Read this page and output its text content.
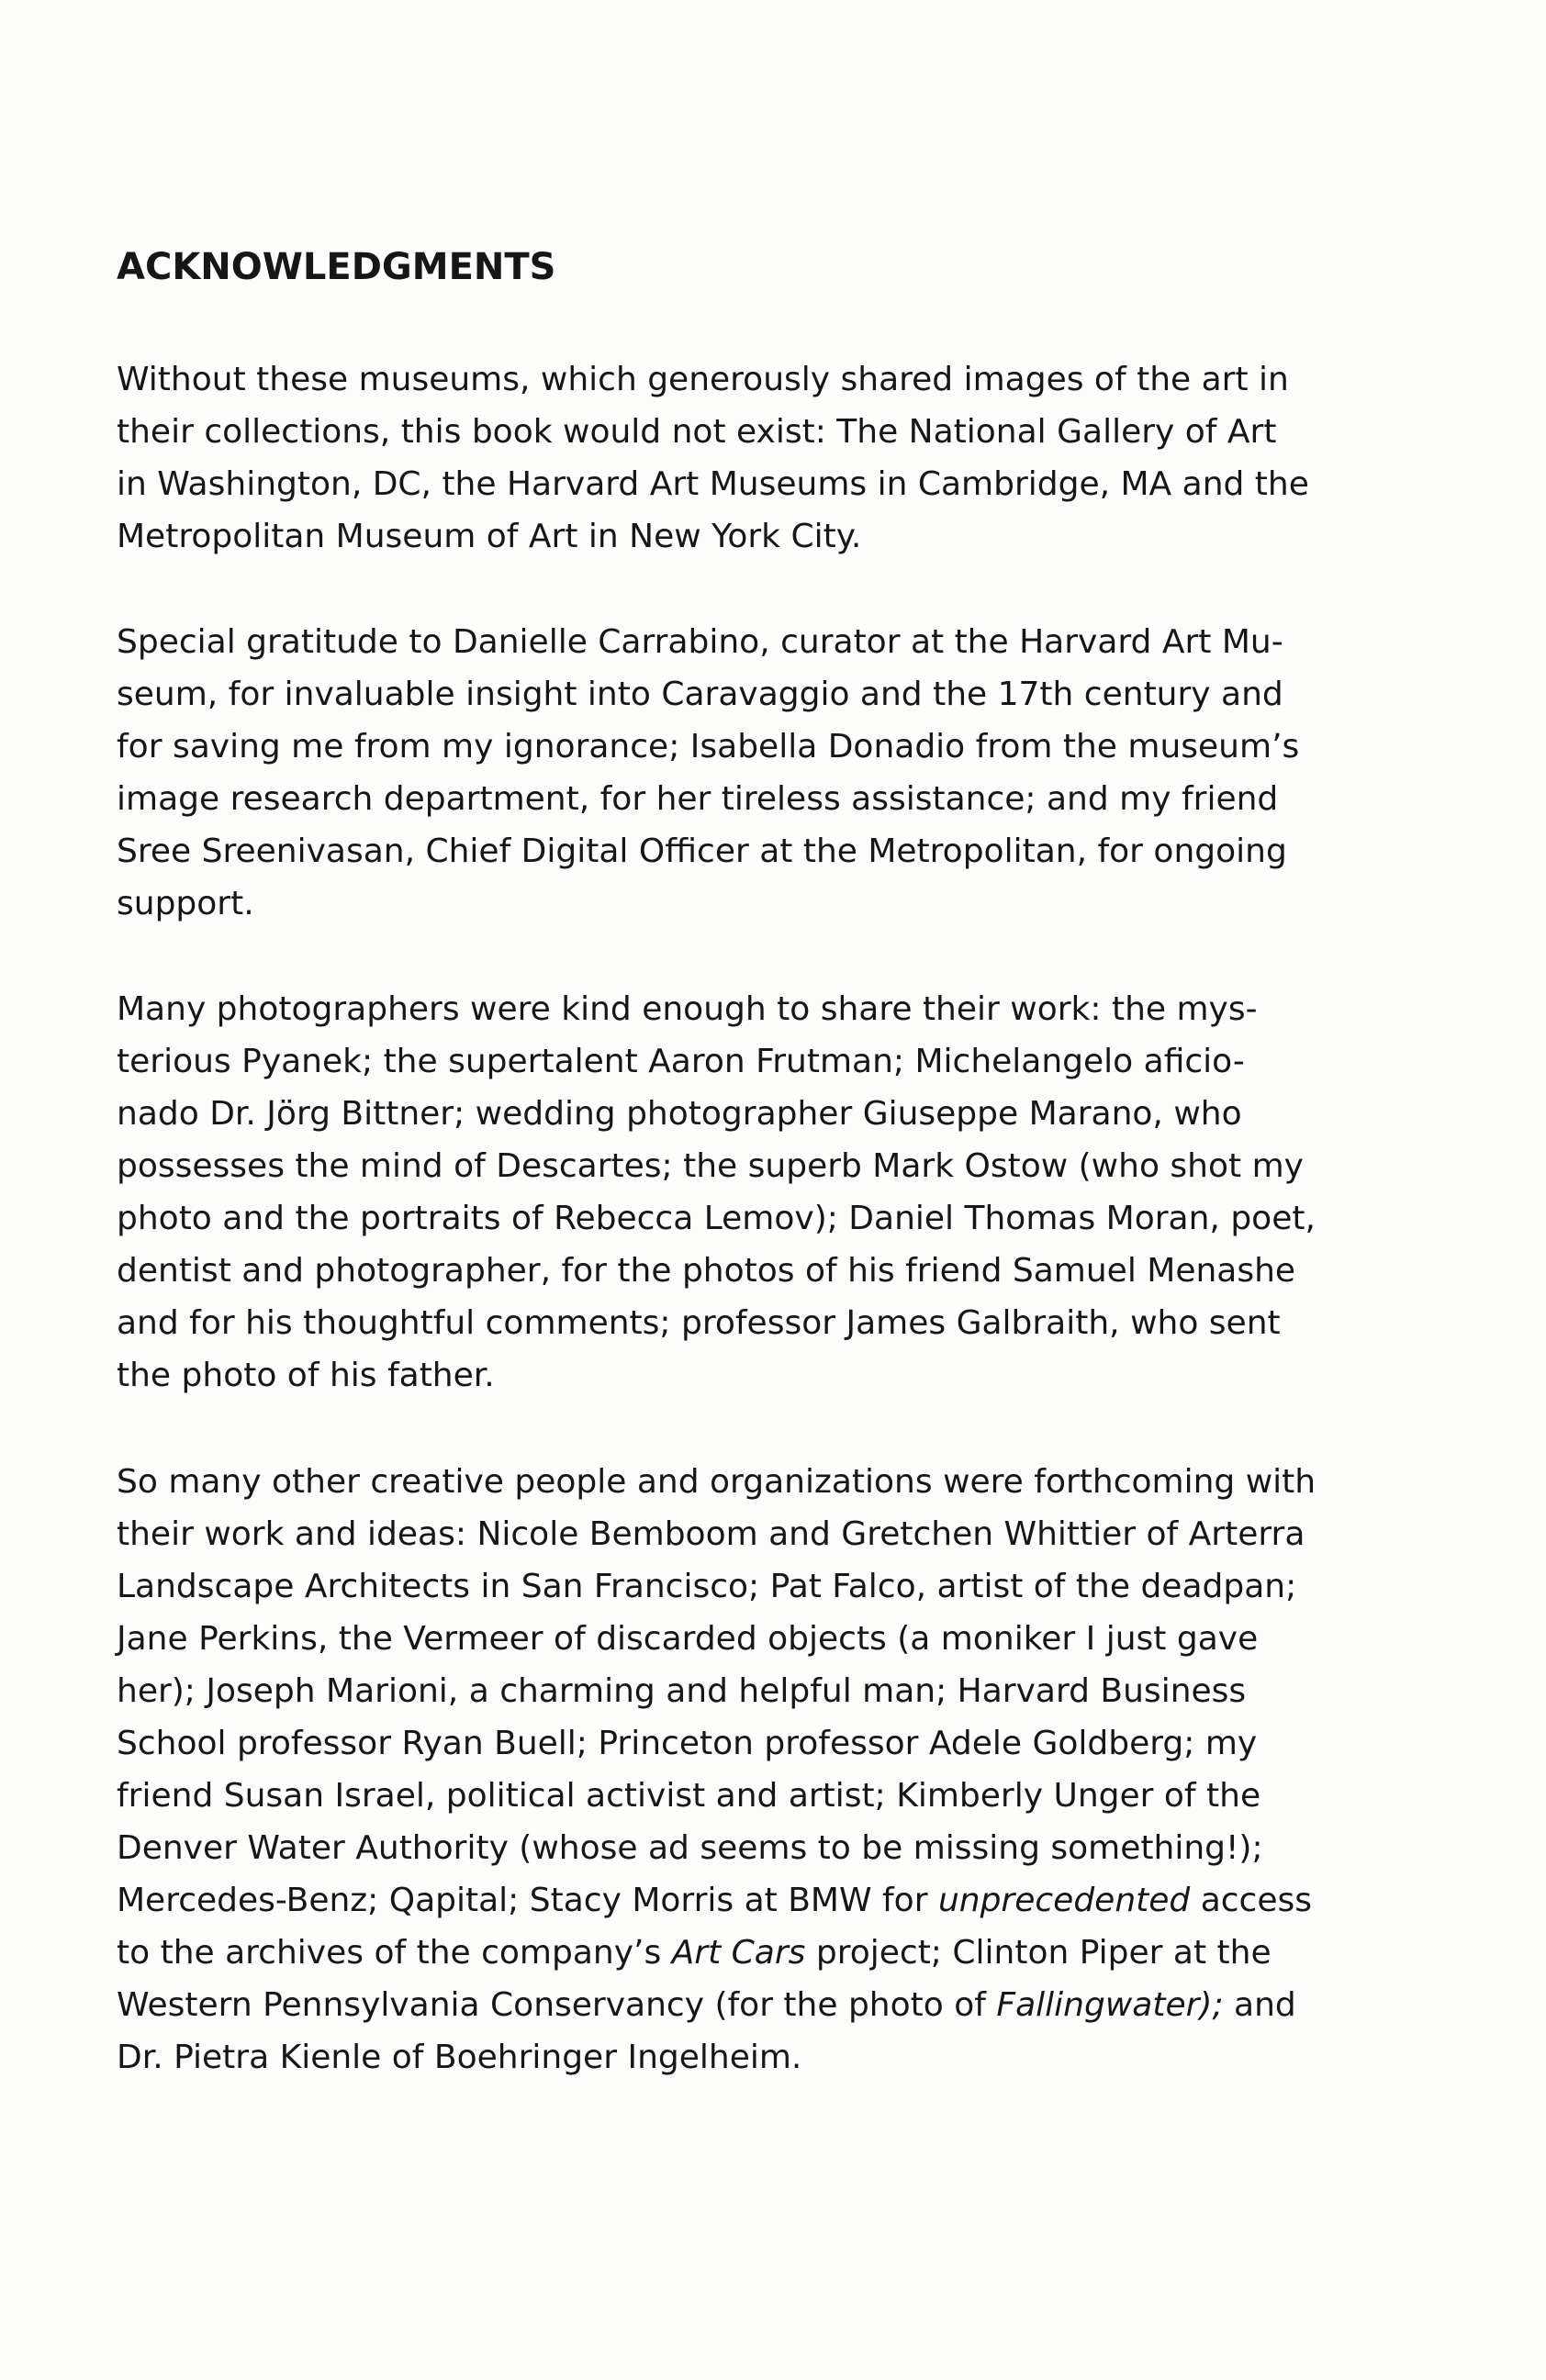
ACKNOWLEDGMENTS
Without these museums, which generously shared images of the art in
their collections, this book would not exist: The National Gallery of Art
in Washington, DC, the Harvard Art Museums in Cambridge, MA and the
Metropolitan Museum of Art in New York City.
Special gratitude to Danielle Carrabino, curator at the Harvard Art Mu-
seum, for invaluable insight into Caravaggio and the 17th century and
for saving me from my ignorance; Isabella Donadio from the museum’s
image research department, for her tireless assistance; and my friend
Sree Sreenivasan, Chief Digital Officer at the Metropolitan, for ongoing
support.
Many photographers were kind enough to share their work: the mys-
terious Pyanek; the supertalent Aaron Frutman; Michelangelo aficio-
nado Dr. Jörg Bittner; wedding photographer Giuseppe Marano, who
possesses the mind of Descartes; the superb Mark Ostow (who shot my
photo and the portraits of Rebecca Lemov); Daniel Thomas Moran, poet,
dentist and photographer, for the photos of his friend Samuel Menashe
and for his thoughtful comments; professor James Galbraith, who sent
the photo of his father.
So many other creative people and organizations were forthcoming with
their work and ideas: Nicole Bemboom and Gretchen Whittier of Arterra
Landscape Architects in San Francisco; Pat Falco, artist of the deadpan;
Jane Perkins, the Vermeer of discarded objects (a moniker I just gave
her); Joseph Marioni, a charming and helpful man; Harvard Business
School professor Ryan Buell; Princeton professor Adele Goldberg; my
friend Susan Israel, political activist and artist; Kimberly Unger of the
Denver Water Authority (whose ad seems to be missing something!);
Mercedes-Benz; Qapital; Stacy Morris at BMW for unprecedented access
to the archives of the company’s Art Cars project; Clinton Piper at the
Western Pennsylvania Conservancy (for the photo of Fallingwater); and
Dr. Pietra Kienle of Boehringer Ingelheim.
